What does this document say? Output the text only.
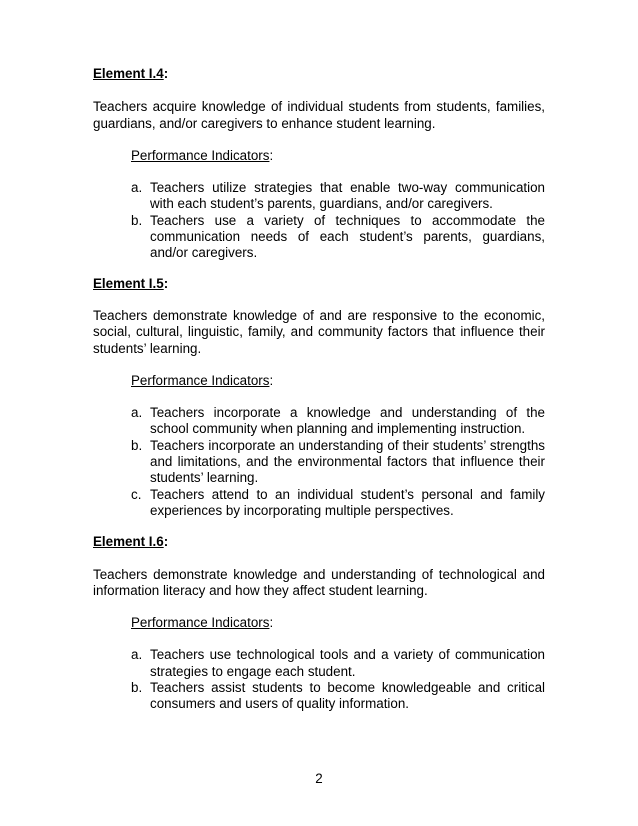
Element I.4:

Teachers acquire knowledge of individual students from students, families, guardians, and/or caregivers to enhance student learning.

Performance Indicators:

a. Teachers utilize strategies that enable two-way communication with each student’s parents, guardians, and/or caregivers.
b. Teachers use a variety of techniques to accommodate the communication needs of each student’s parents, guardians, and/or caregivers.

Element I.5:

Teachers demonstrate knowledge of and are responsive to the economic, social, cultural, linguistic, family, and community factors that influence their students’ learning.

Performance Indicators:

a. Teachers incorporate a knowledge and understanding of the school community when planning and implementing instruction.
b. Teachers incorporate an understanding of their students’ strengths and limitations, and the environmental factors that influence their students’ learning.
c. Teachers attend to an individual student’s personal and family experiences by incorporating multiple perspectives.

Element I.6:

Teachers demonstrate knowledge and understanding of technological and information literacy and how they affect student learning.

Performance Indicators:

a. Teachers use technological tools and a variety of communication strategies to engage each student.
b. Teachers assist students to become knowledgeable and critical consumers and users of quality information.
2
